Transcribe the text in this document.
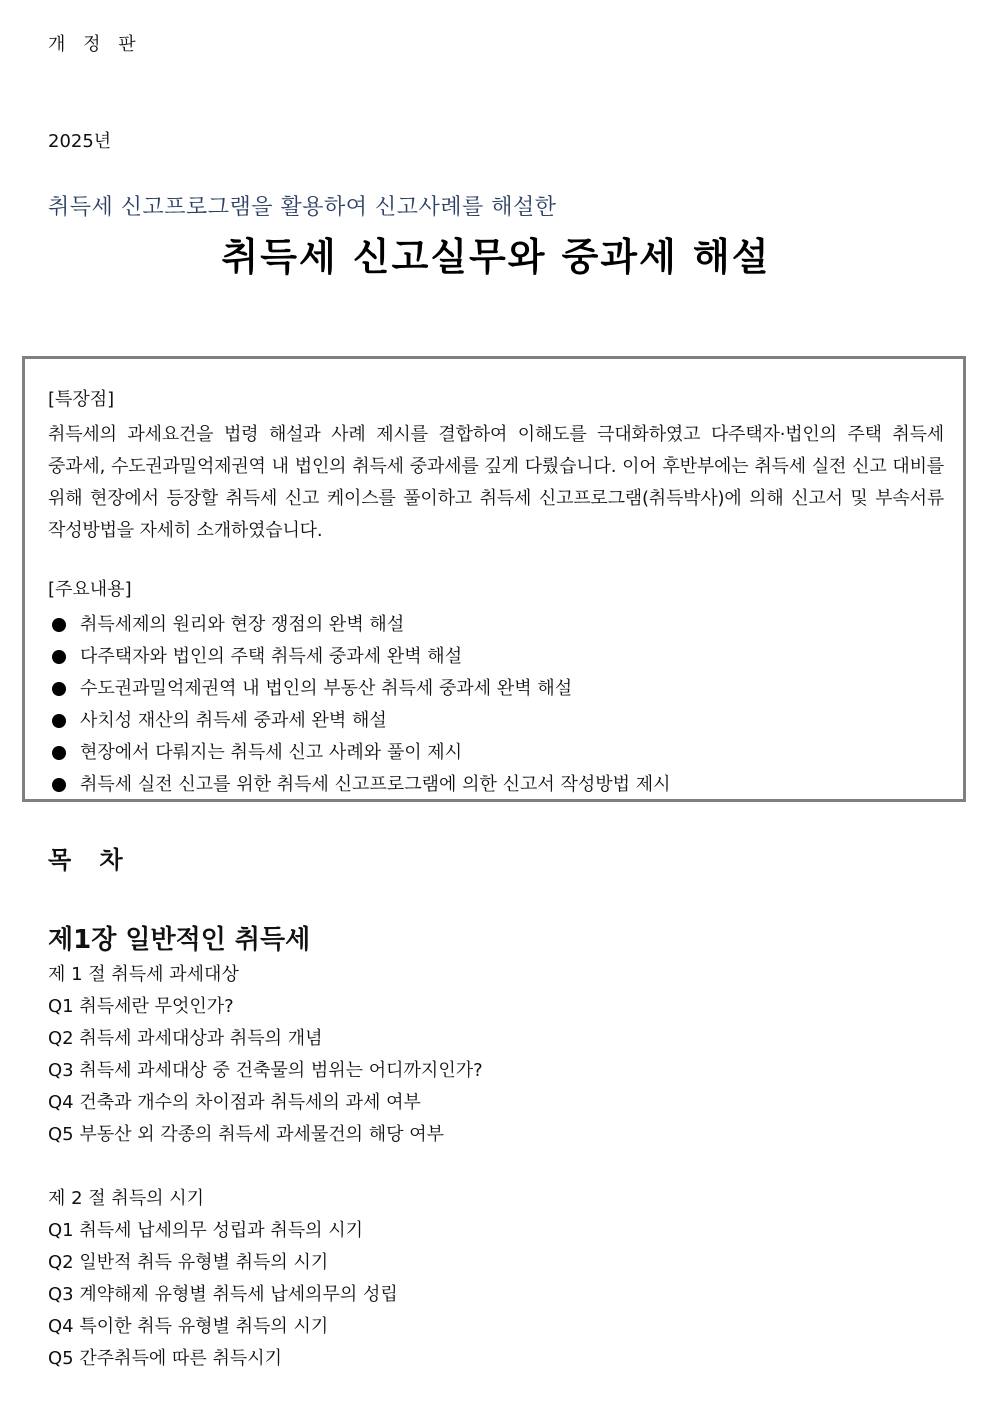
개 정 판

2025년

취득세 신고프로그램을 활용하여 신고사례를 해설한

취득세 신고실무와 중과세 해설

[특장점]

취득세의 과세요건을 법령 해설과 사례 제시를 결합하여 이해도를 극대화하였고 다주택자·법인의 주택 취득세 중과세, 수도권과밀억제권역 내 법인의 취득세 중과세를 깊게 다뤘습니다. 이어 후반부에는 취득세 실전 신고 대비를 위해 현장에서 등장할 취득세 신고 케이스를 풀이하고 취득세 신고프로그램(취득박사)에 의해 신고서 및 부속서류 작성방법을 자세히 소개하였습니다.

[주요내용]

취득세제의 원리와 현장 쟁점의 완벽 해설
다주택자와 법인의 주택 취득세 중과세 완벽 해설
수도권과밀억제권역 내 법인의 부동산 취득세 중과세 완벽 해설
사치성 재산의 취득세 중과세 완벽 해설
현장에서 다뤄지는 취득세 신고 사례와 풀이 제시
취득세 실전 신고를 위한 취득세 신고프로그램에 의한 신고서 작성방법 제시
목 차
제1장 일반적인 취득세
제 1 절 취득세 과세대상
Q1 취득세란 무엇인가?
Q2 취득세 과세대상과 취득의 개념
Q3 취득세 과세대상 중 건축물의 범위는 어디까지인가?
Q4 건축과 개수의 차이점과 취득세의 과세 여부
Q5 부동산 외 각종의 취득세 과세물건의 해당 여부
제 2 절 취득의 시기
Q1 취득세 납세의무 성립과 취득의 시기
Q2 일반적 취득 유형별 취득의 시기
Q3 계약해제 유형별 취득세 납세의무의 성립
Q4 특이한 취득 유형별 취득의 시기
Q5 간주취득에 따른 취득시기
